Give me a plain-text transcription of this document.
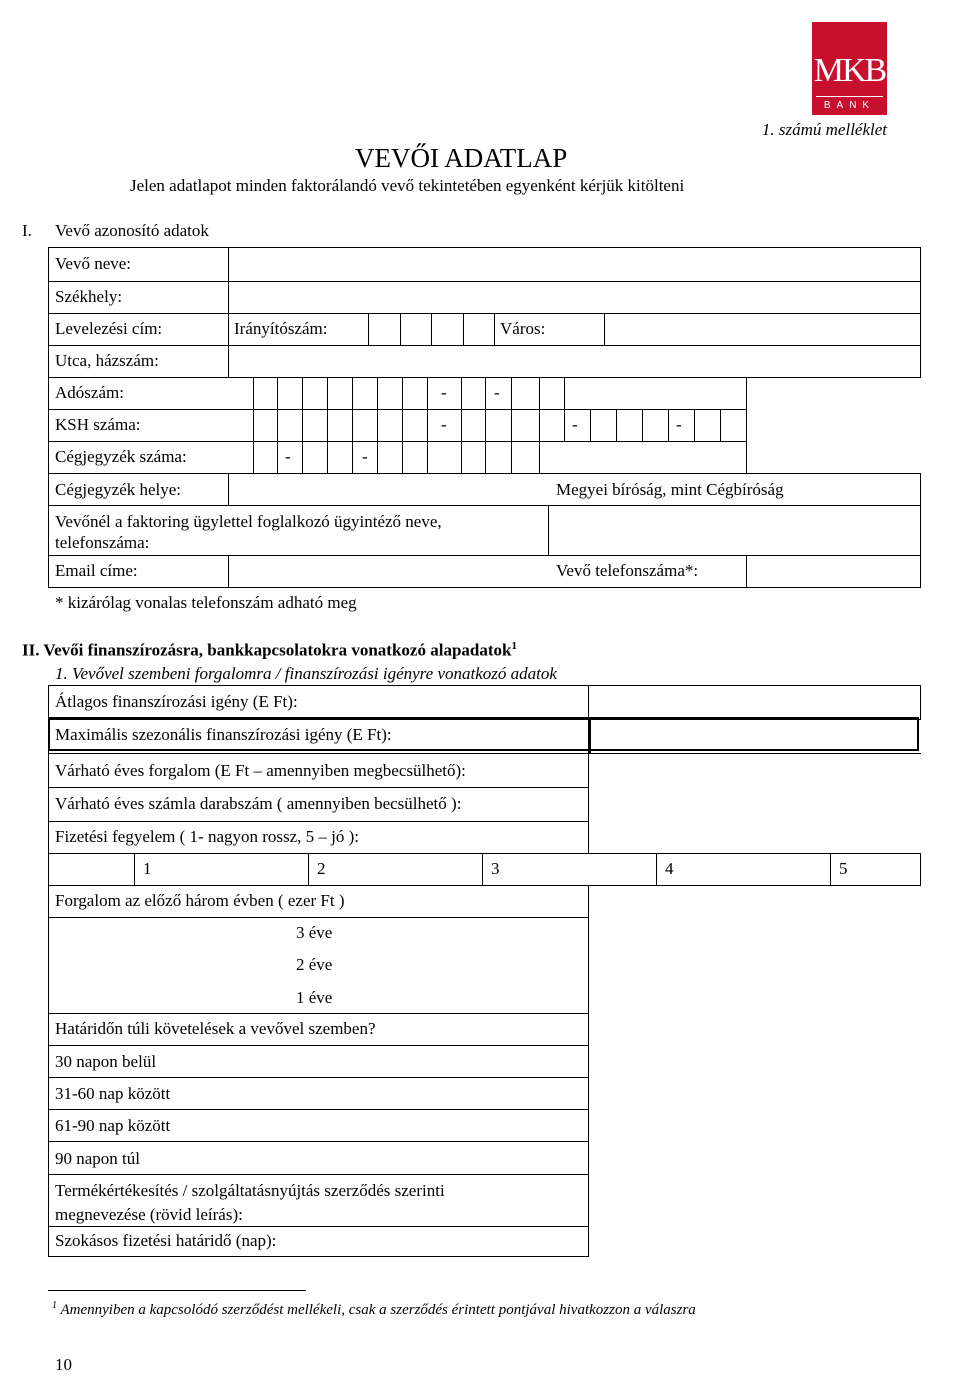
MKB
BANK
1. számú melléklet
VEVŐI ADATLAP
Jelen adatlapot minden faktorálandó vevő tekintetében egyenként kérjük kitölteni
I. Vevő azonosító adatok
Vevő neve:
Székhely:
Levelezési cím:	Irányítószám:	Város:
Utca, házszám:
Adószám:	-	-
KSH száma:	-	-	-
Cégjegyzék száma:	-	-
Cégjegyzék helye:	Megyei bíróság, mint Cégbíróság
Vevőnél a faktoring ügylettel foglalkozó ügyintéző neve,
telefonszáma:
Email címe:	Vevő telefonszáma*:
* kizárólag vonalas telefonszám adható meg
II. Vevői finanszírozásra, bankkapcsolatokra vonatkozó alapadatok$^1$
1. Vevővel szembeni forgalomra / finanszírozási igényre vonatkozó adatok
Átlagos finanszírozási igény (E Ft):
Maximális szezonális finanszírozási igény (E Ft):
Várható éves forgalom (E Ft – amennyiben megbecsülhető):
Várható éves számla darabszám ( amennyiben becsülhető ):
Fizetési fegyelem ( 1- nagyon rossz, 5 – jó ):
1	2	3	4	5
Forgalom az előző három évben ( ezer Ft )
3 éve
2 éve
1 éve
Határidőn túli követelések a vevővel szemben?
30 napon belül
31-60 nap között
61-90 nap között
90 napon túl
Termékértékesítés / szolgáltatásnyújtás szerződés szerinti
megnevezése (rövid leírás):
Szokásos fizetési határidő (nap):
$^1$ Amennyiben a kapcsolódó szerződést mellékeli, csak a szerződés érintett pontjával hivatkozzon a válaszra
10
